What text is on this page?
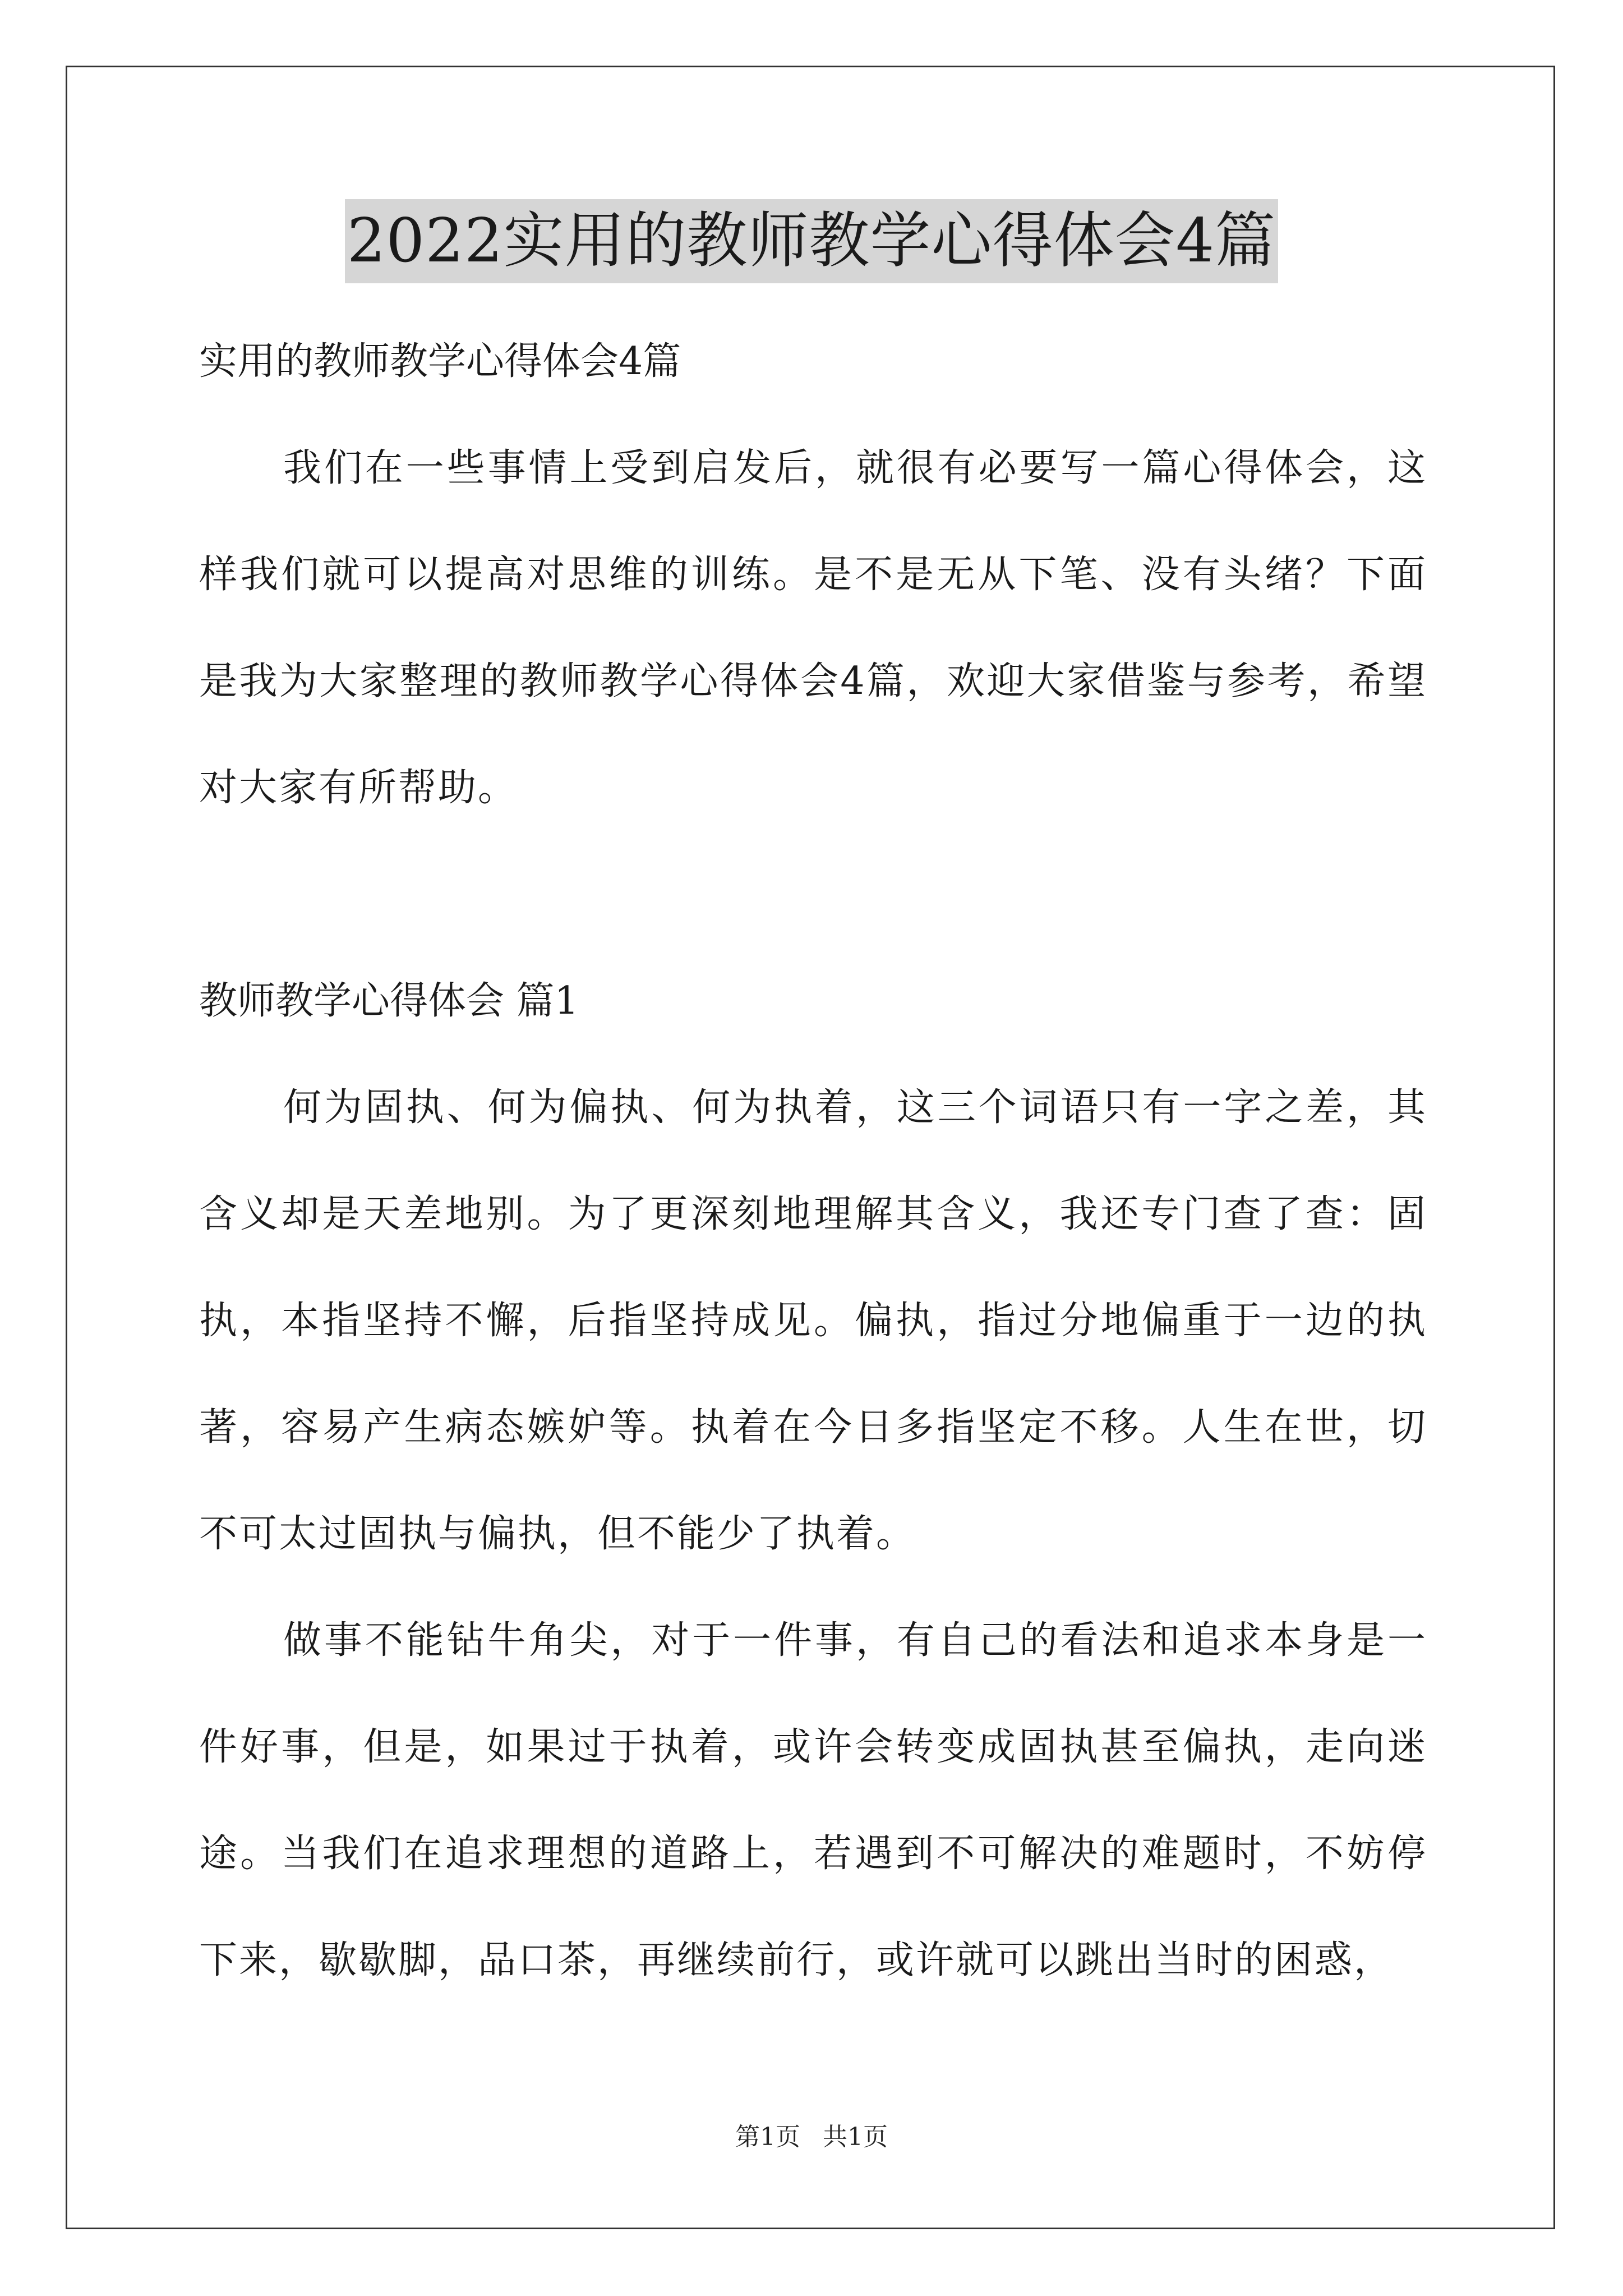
2022实用的教师教学心得体会4篇

实用的教师教学心得体会4篇

我们在一些事情上受到启发后，就很有必要写一篇心得体会，这样我们就可以提高对思维的训练。是不是无从下笔、没有头绪？下面是我为大家整理的教师教学心得体会4篇，欢迎大家借鉴与参考，希望对大家有所帮助。

教师教学心得体会 篇1

何为固执、何为偏执、何为执着，这三个词语只有一字之差，其含义却是天差地别。为了更深刻地理解其含义，我还专门查了查：固执，本指坚持不懈，后指坚持成见。偏执，指过分地偏重于一边的执著，容易产生病态嫉妒等。执着在今日多指坚定不移。人生在世，切不可太过固执与偏执，但不能少了执着。

做事不能钻牛角尖，对于一件事，有自己的看法和追求本身是一件好事，但是，如果过于执着，或许会转变成固执甚至偏执，走向迷途。当我们在追求理想的道路上，若遇到不可解决的难题时，不妨停下来，歇歇脚，品口茶，再继续前行，或许就可以跳出当时的困惑，

第1页 共1页
